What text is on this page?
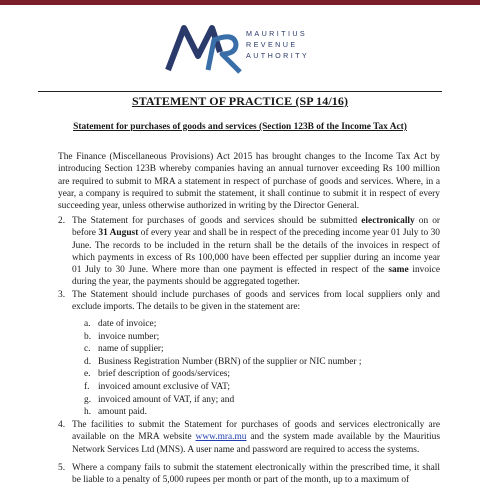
MAURITIUS
REVENUE
AUTHORITY
STATEMENT OF PRACTICE (SP 14/16)
Statement for purchases of goods and services (Section 123B of the Income Tax Act)
The Finance (Miscellaneous Provisions) Act 2015 has brought changes to the Income Tax Act by introducing Section 123B whereby companies having an annual turnover exceeding Rs 100 million are required to submit to MRA a statement in respect of purchase of goods and services. Where, in a year, a company is required to submit the statement, it shall continue to submit it in respect of every succeeding year, unless otherwise authorized in writing by the Director General.
2. The Statement for purchases of goods and services should be submitted electronically on or before 31 August of every year and shall be in respect of the preceding income year 01 July to 30 June. The records to be included in the return shall be the details of the invoices in respect of which payments in excess of Rs 100,000 have been effected per supplier during an income year 01 July to 30 June. Where more than one payment is effected in respect of the same invoice during the year, the payments should be aggregated together.
3. The Statement should include purchases of goods and services from local suppliers only and exclude imports. The details to be given in the statement are:
a. date of invoice;
b. invoice number;
c. name of supplier;
d. Business Registration Number (BRN) of the supplier or NIC number ;
e. brief description of goods/services;
f. invoiced amount exclusive of VAT;
g. invoiced amount of VAT, if any; and
h. amount paid.
4. The facilities to submit the Statement for purchases of goods and services electronically are available on the MRA website www.mra.mu and the system made available by the Mauritius Network Services Ltd (MNS). A user name and password are required to access the systems.
5. Where a company fails to submit the statement electronically within the prescribed time, it shall be liable to a penalty of 5,000 rupees per month or part of the month, up to a maximum of
